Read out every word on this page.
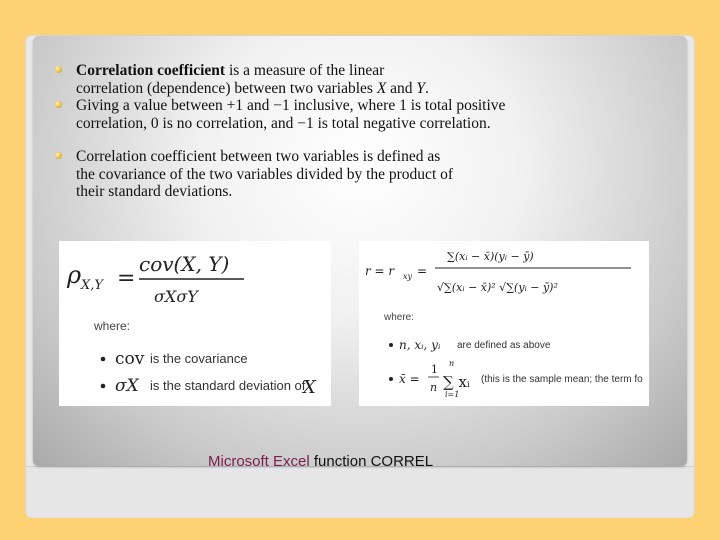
Correlation coefficient is a measure of the linear
correlation (dependence) between two variables X and Y.
Giving a value between +1 and −1 inclusive, where 1 is total positive
correlation, 0 is no correlation, and −1 is total negative correlation.
Correlation coefficient between two variables is defined as
the covariance of the two variables divided by the product of
their standard deviations.
ρ X,Y =
cov(X, Y)
σXσY
where:
cov is the covariance
σX is the standard deviation of
X
r = r xy =
∑(xᵢ − x̄)(yᵢ − ȳ)
√∑(xᵢ − x̄)² √∑(yᵢ − ȳ)²
where:
n, xᵢ, yᵢ are defined as above
x̄ =
1
n ∑ xᵢ
n
i=1
(this is the sample mean; the term fo
Microsoft Excel function CORREL
